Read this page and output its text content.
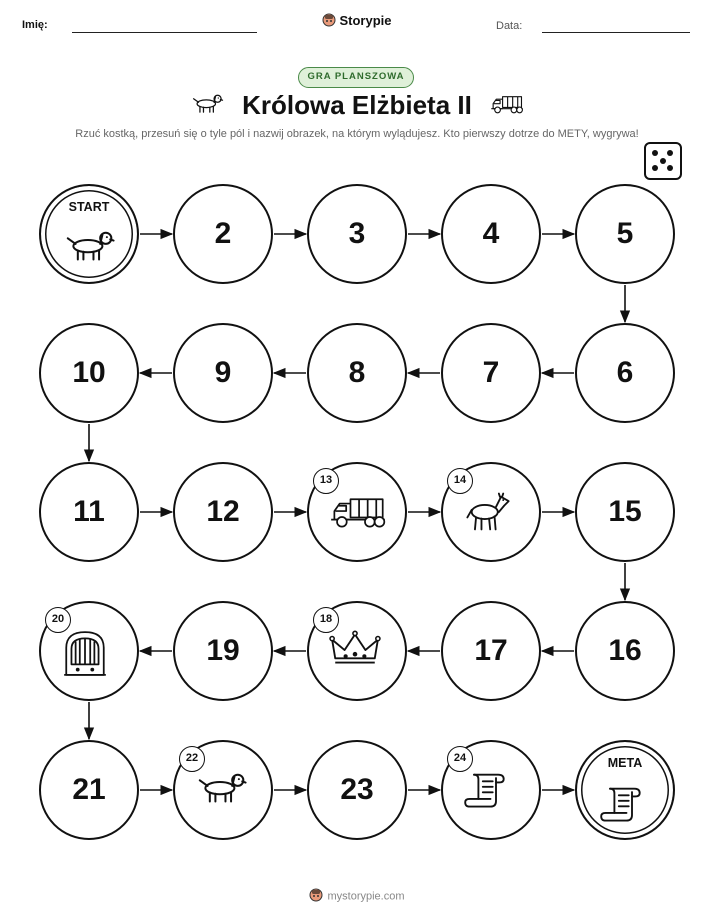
Imię:	Storypie	Data:
GRA PLANSZOWA
Królowa Elżbieta II
Rzuć kostką, przesuń się o tyle pól i nazwij obrazek, na którym wylądujesz. Kto pierwszy dotrze do METY, wygrywa!
START
2	3	4	5
6
7
8
9
10
11	12
13	14
15
16
17
18
19
20
21
22
23
24	META
mystorypie.com
